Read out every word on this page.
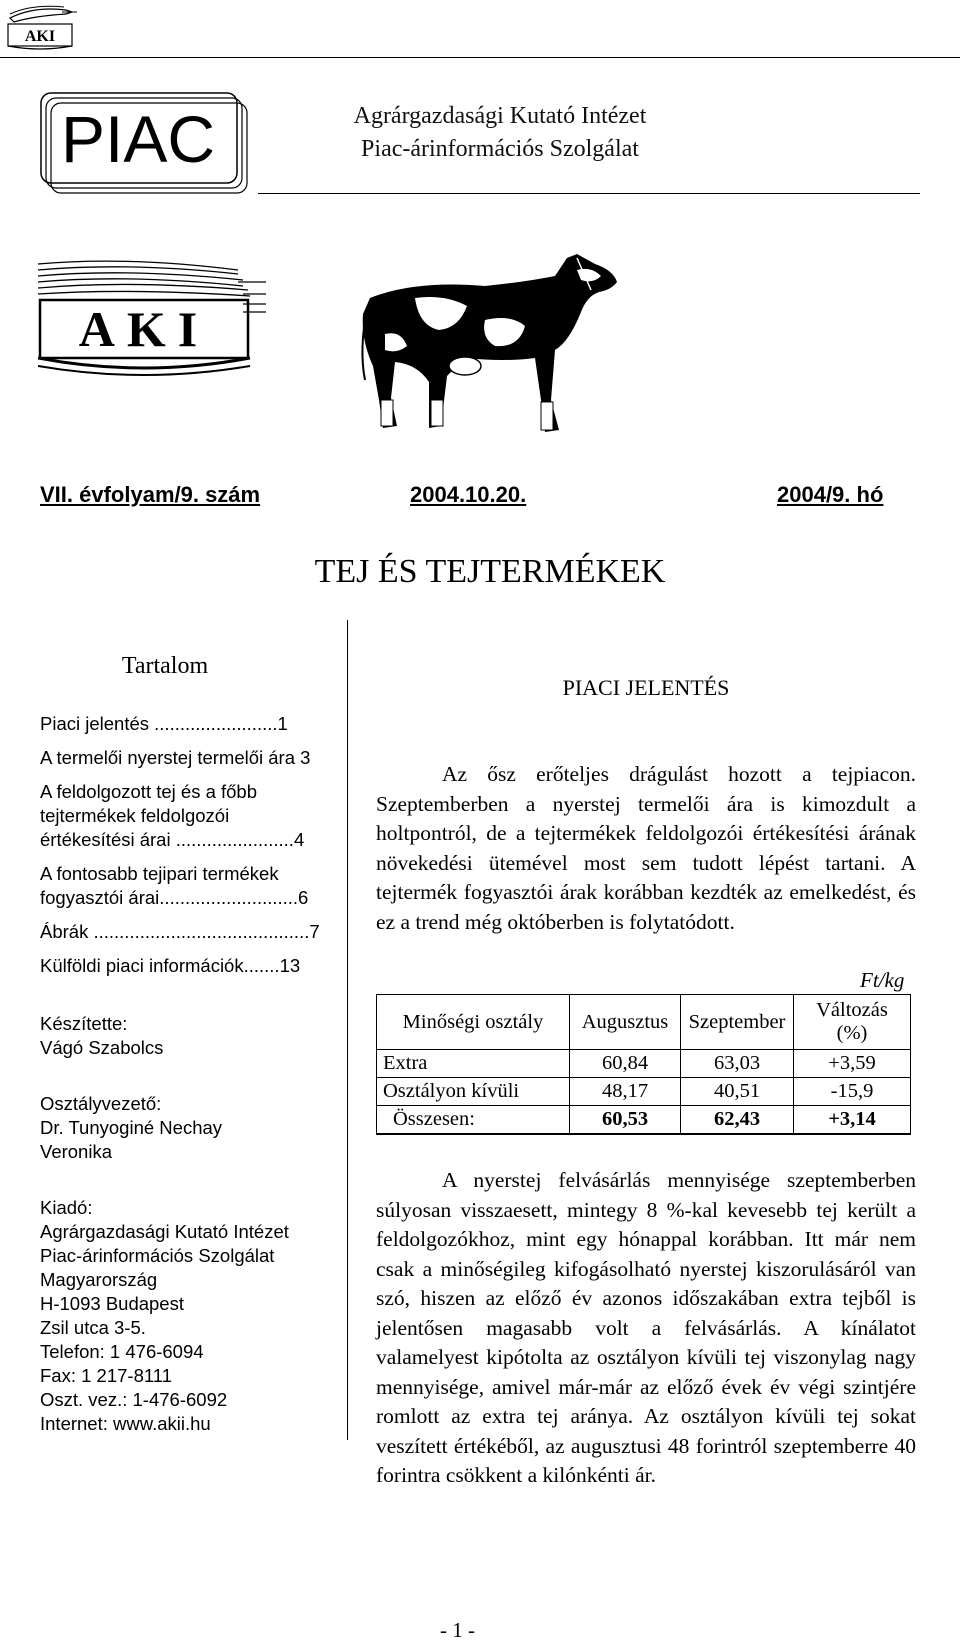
AKI
PIAC	Agrárgazdasági Kutató Intézet
Piac-árinformációs Szolgálat
AKI
VII. évfolyam/9. szám	2004.10.20.	2004/9. hó
TEJ ÉS TEJTERMÉKEK
Tartalom
Piaci jelentés ........................1
A termelői nyerstej termelői ára 3
A feldolgozott tej és a főbb
tejtermékek feldolgozói
értékesítési árai .......................4
A fontosabb tejipari termékek
fogyasztói árai...........................6
Ábrák ..........................................7
Külföldi piaci információk.......13
Készítette:
Vágó Szabolcs
Osztályvezető:
Dr. Tunyoginé Nechay
Veronika
Kiadó:
Agrárgazdasági Kutató Intézet
Piac-árinformációs Szolgálat
Magyarország
H-1093 Budapest
Zsil utca 3-5.
Telefon: 1 476-6094
Fax: 1 217-8111
Oszt. vez.: 1-476-6092
Internet: www.akii.hu
PIACI JELENTÉS
Az ősz erőteljes drágulást hozott a tejpiacon. Szeptemberben a nyerstej termelői ára is kimozdult a holtpontról, de a tejtermékek feldolgozói értékesítési árának növekedési ütemével most sem tudott lépést tartani. A tejtermék fogyasztói árak korábban kezdték az emelkedést, és ez a trend még októberben is folytatódott.
Ft/kg
Minőségi osztály	Augusztus	Szeptember	Változás (%)
Extra	60,84	63,03	+3,59
Osztályon kívüli	48,17	40,51	-15,9
Összesen:	60,53	62,43	+3,14
A nyerstej felvásárlás mennyisége szeptemberben súlyosan visszaesett, mintegy 8 %-kal kevesebb tej került a feldolgozókhoz, mint egy hónappal korábban. Itt már nem csak a minőségileg kifogásolható nyerstej kiszorulásáról van szó, hiszen az előző év azonos időszakában extra tejből is jelentősen magasabb volt a felvásárlás. A kínálatot valamelyest kipótolta az osztályon kívüli tej viszonylag nagy mennyisége, amivel már-már az előző évek év végi szintjére romlott az extra tej aránya. Az osztályon kívüli tej sokat veszített értékéből, az augusztusi 48 forintról szeptemberre 40 forintra csökkent a kilónkénti ár.
- 1 -
